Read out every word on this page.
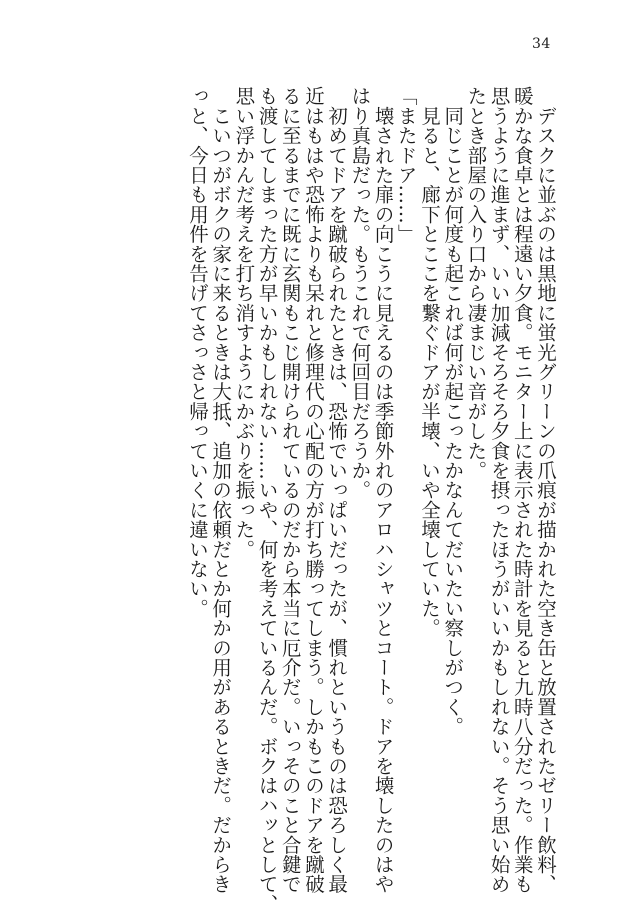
34
　デスクに並ぶのは黒地に蛍光グリーンの爪痕が描かれた空き缶と放置されたゼリー飲料、
暖かな食卓とは程遠い夕食。モニター上に表示された時計を見ると九時八分だった。作業も
思うように進まず、いい加減そろそろ夕食を摂ったほうがいいかもしれない。そう思い始め
たとき部屋の入り口から凄まじい音がした。
　同じことが何度も起これば何が起こったかなんてだいたい察しがつく。
　見ると、廊下とここを繋ぐドアが半壊、いや全壊していた。
「またドア……」
　壊された扉の向こうに見えるのは季節外れのアロハシャツとコート。ドアを壊したのはや
はり真島だった。もうこれで何回目だろうか。
　初めてドアを蹴破られたときは、恐怖でいっぱいだったが、慣れというものは恐ろしく最
近はもはや恐怖よりも呆れと修理代の心配の方が打ち勝ってしまう。しかもこのドアを蹴破
るに至るまでに既に玄関もこじ開けられているのだから本当に厄介だ。いっそのこと合鍵で
も渡してしまった方が早いかもしれない……いや、何を考えているんだ。ボクはハッとして、
思い浮かんだ考えを打ち消すようにかぶりを振った。
　こいつがボクの家に来るときは大抵、追加の依頼だとか何かの用があるときだ。だからき
っと、今日も用件を告げてさっさと帰っていくに違いない。
